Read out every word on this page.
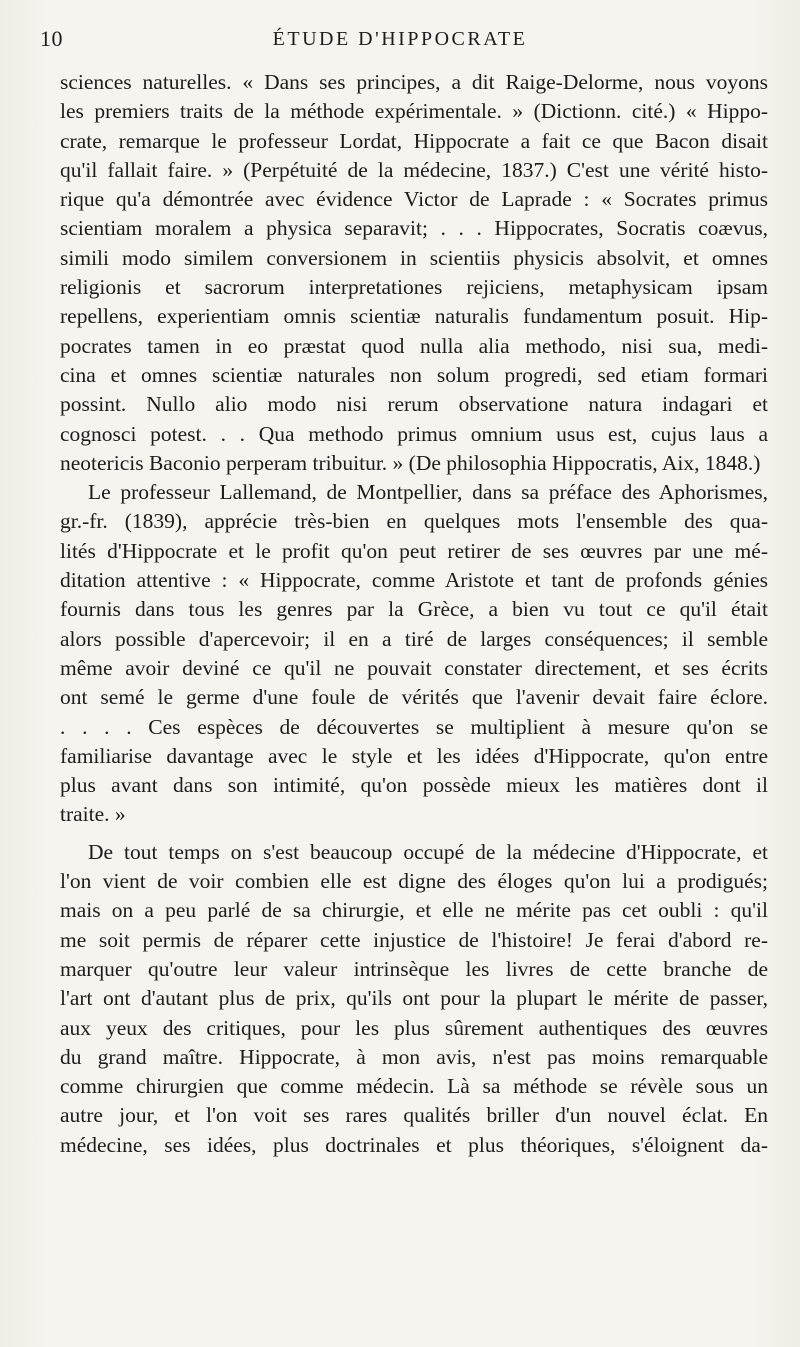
10	ÉTUDE D'HIPPOCRATE
sciences naturelles. « Dans ses principes, a dit Raige-Delorme, nous voyons
les premiers traits de la méthode expérimentale. » (Dictionn. cité.) « Hippo-
crate, remarque le professeur Lordat, Hippocrate a fait ce que Bacon disait
qu'il fallait faire. » (Perpétuité de la médecine, 1837.) C'est une vérité histo-
rique qu'a démontrée avec évidence Victor de Laprade : « Socrates primus
scientiam moralem a physica separavit; . . . Hippocrates, Socratis coævus,
simili modo similem conversionem in scientiis physicis absolvit, et omnes
religionis et sacrorum interpretationes rejiciens, metaphysicam ipsam
repellens, experientiam omnis scientiæ naturalis fundamentum posuit. Hip-
pocrates tamen in eo præstat quod nulla alia methodo, nisi sua, medi-
cina et omnes scientiæ naturales non solum progredi, sed etiam formari
possint. Nullo alio modo nisi rerum observatione natura indagari et
cognosci potest. . . Qua methodo primus omnium usus est, cujus laus a
neotericis Baconio perperam tribuitur. » (De philosophia Hippocratis, Aix, 1848.)
Le professeur Lallemand, de Montpellier, dans sa préface des Aphorismes,
gr.-fr. (1839), apprécie très-bien en quelques mots l'ensemble des qua-
lités d'Hippocrate et le profit qu'on peut retirer de ses œuvres par une mé-
ditation attentive : « Hippocrate, comme Aristote et tant de profonds génies
fournis dans tous les genres par la Grèce, a bien vu tout ce qu'il était
alors possible d'apercevoir; il en a tiré de larges conséquences; il semble
même avoir deviné ce qu'il ne pouvait constater directement, et ses écrits
ont semé le germe d'une foule de vérités que l'avenir devait faire éclore.
. . . . Ces espèces de découvertes se multiplient à mesure qu'on se
familiarise davantage avec le style et les idées d'Hippocrate, qu'on entre
plus avant dans son intimité, qu'on possède mieux les matières dont il
traite. »
De tout temps on s'est beaucoup occupé de la médecine d'Hippocrate, et
l'on vient de voir combien elle est digne des éloges qu'on lui a prodigués;
mais on a peu parlé de sa chirurgie, et elle ne mérite pas cet oubli : qu'il
me soit permis de réparer cette injustice de l'histoire! Je ferai d'abord re-
marquer qu'outre leur valeur intrinsèque les livres de cette branche de
l'art ont d'autant plus de prix, qu'ils ont pour la plupart le mérite de passer,
aux yeux des critiques, pour les plus sûrement authentiques des œuvres
du grand maître. Hippocrate, à mon avis, n'est pas moins remarquable
comme chirurgien que comme médecin. Là sa méthode se révèle sous un
autre jour, et l'on voit ses rares qualités briller d'un nouvel éclat. En
médecine, ses idées, plus doctrinales et plus théoriques, s'éloignent da-
